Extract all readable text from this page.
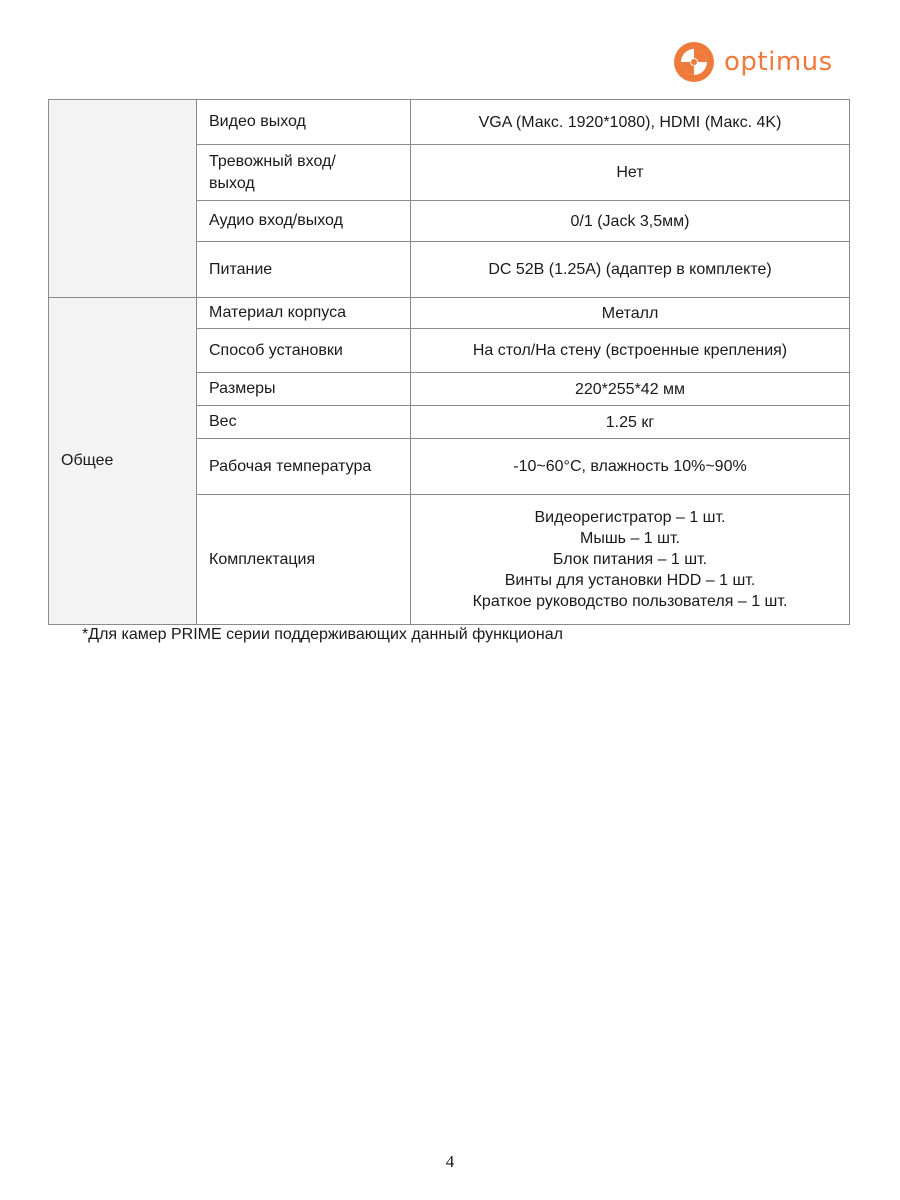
optimus
	Видео выход	VGA (Макс. 1920*1080), HDMI (Макс. 4K)

	Тревожный вход/выход	Нет

	Аудио вход/выход	0/1 (Jack 3,5мм)

	Питание	DC 52В (1.25А) (адаптер в комплекте)

Общее	Материал корпуса	Металл

	Способ установки	На стол/На стену (встроенные крепления)

	Размеры	220*255*42 мм

	Вес	1.25 кг

	Рабочая температура	-10~60°C, влажность 10%~90%

	Комплектация	Видеорегистратор – 1 шт.
Мышь – 1 шт.
Блок питания – 1 шт.
Винты для установки HDD – 1 шт.
Краткое руководство пользователя – 1 шт.
*Для камер PRIME серии поддерживающих данный функционал
4
